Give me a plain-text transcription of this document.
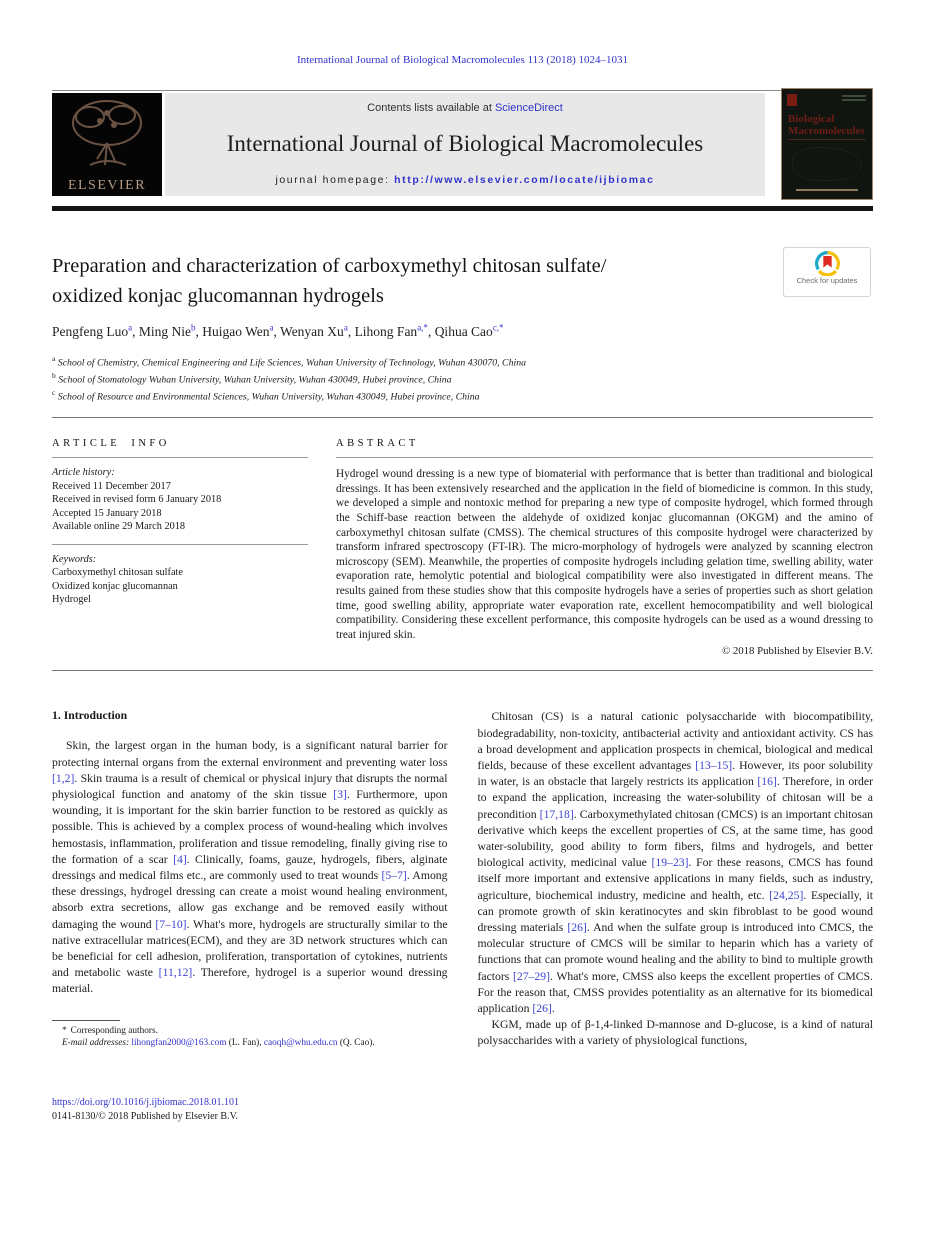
International Journal of Biological Macromolecules 113 (2018) 1024–1031
ELSEVIER
Contents lists available at ScienceDirect
International Journal of Biological Macromolecules
journal homepage: http://www.elsevier.com/locate/ijbiomac
Biological Macromolecules
Preparation and characterization of carboxymethyl chitosan sulfate/
oxidized konjac glucomannan hydrogels
Check for updates
Pengfeng Luo$^a$, Ming Nie$^b$, Huigao Wen$^a$, Wenyan Xu$^a$, Lihong Fan$^{a,*}$, Qihua Cao$^{c,*}$
$^a$ School of Chemistry, Chemical Engineering and Life Sciences, Wuhan University of Technology, Wuhan 430070, China
$^b$ School of Stomatology Wuhan University, Wuhan University, Wuhan 430049, Hubei province, China
$^c$ School of Resource and Environmental Sciences, Wuhan University, Wuhan 430049, Hubei province, China
ARTICLE INFO
Article history:
Received 11 December 2017
Received in revised form 6 January 2018
Accepted 15 January 2018
Available online 29 March 2018
Keywords:
Carboxymethyl chitosan sulfate
Oxidized konjac glucomannan
Hydrogel
ABSTRACT
Hydrogel wound dressing is a new type of biomaterial with performance that is better than traditional and biological dressings. It has been extensively researched and the application in the field of biomedicine is common. In this study, we developed a simple and nontoxic method for preparing a new type of composite hydrogel, which formed through the Schiff-base reaction between the aldehyde of oxidized konjac glucomannan (OKGM) and the amino of carboxymethyl chitosan sulfate (CMSS). The chemical structures of this composite hydrogel were characterized by transform infrared spectroscopy (FT-IR). The micro-morphology of hydrogels were analyzed by scanning electron microscopy (SEM). Meanwhile, the properties of composite hydrogels including gelation time, swelling ability, water evaporation rate, hemolytic potential and biological compatibility were also investigated in different means. The results gained from these studies show that this composite hydrogels have a series of properties such as short gelation time, good swelling ability, appropriate water evaporation rate, excellent hemocompatibility and well biological compatibility. Considering these excellent performance, this composite hydrogels can be used as a wound dressing to treat injured skin.
© 2018 Published by Elsevier B.V.
1. Introduction

Skin, the largest organ in the human body, is a significant natural barrier for protecting internal organs from the external environment and preventing water loss [1,2]. Skin trauma is a result of chemical or physical injury that disrupts the normal physiological function and anatomy of the skin tissue [3]. Furthermore, upon wounding, it is important for the skin barrier function to be restored as quickly as possible. This is achieved by a complex process of wound-healing which involves hemostasis, inflammation, proliferation and tissue remodeling, finally giving rise to the formation of a scar [4]. Clinically, foams, gauze, hydrogels, fibers, alginate dressings and medical films etc., are commonly used to treat wounds [5–7]. Among these dressings, hydrogel dressing can create a moist wound healing environment, absorb extra secretions, allow gas exchange and be removed easily without damaging the wound [7–10]. What's more, hydrogels are structurally similar to the native extracellular matrices(ECM), and they are 3D network structures which can be beneficial for cell adhesion, proliferation, transportation of cytokines, nutrients and metabolic waste [11,12]. Therefore, hydrogel is a superior wound dressing material.

* Corresponding authors.
E-mail addresses: lihongfan2000@163.com (L. Fan), caoqh@whu.edu.cn (Q. Cao).

Chitosan (CS) is a natural cationic polysaccharide with biocompatibility, biodegradability, non-toxicity, antibacterial activity and antioxidant activity. CS has a broad development and application prospects in chemical, biological and medical fields, because of these excellent advantages [13–15]. However, its poor solubility in water, is an obstacle that largely restricts its application [16]. Therefore, in order to expand the application, increasing the water-solubility of chitosan will be a precondition [17,18]. Carboxymethylated chitosan (CMCS) is an important chitosan derivative which keeps the excellent properties of CS, at the same time, has good water-solubility, good ability to form fibers, films and hydrogels, and better biological activity, medicinal value [19–23]. For these reasons, CMCS has found itself more important and extensive applications in many fields, such as industry, agriculture, biochemical industry, medicine and health, etc. [24,25]. Especially, it can promote growth of skin keratinocytes and skin fibroblast to be good wound dressing materials [26]. And when the sulfate group is introduced into CMCS, the molecular structure of CMCS will be similar to heparin which has a variety of functions that can promote wound healing and the ability to bind to multiple growth factors [27–29]. What's more, CMSS also keeps the excellent properties of CMCS. For the reason that, CMSS provides potentiality as an alternative for its biomedical application [26].

KGM, made up of β-1,4-linked D-mannose and D-glucose, is a kind of natural polysaccharides with a variety of physiological functions,

https://doi.org/10.1016/j.ijbiomac.2018.01.101
0141-8130/© 2018 Published by Elsevier B.V.
